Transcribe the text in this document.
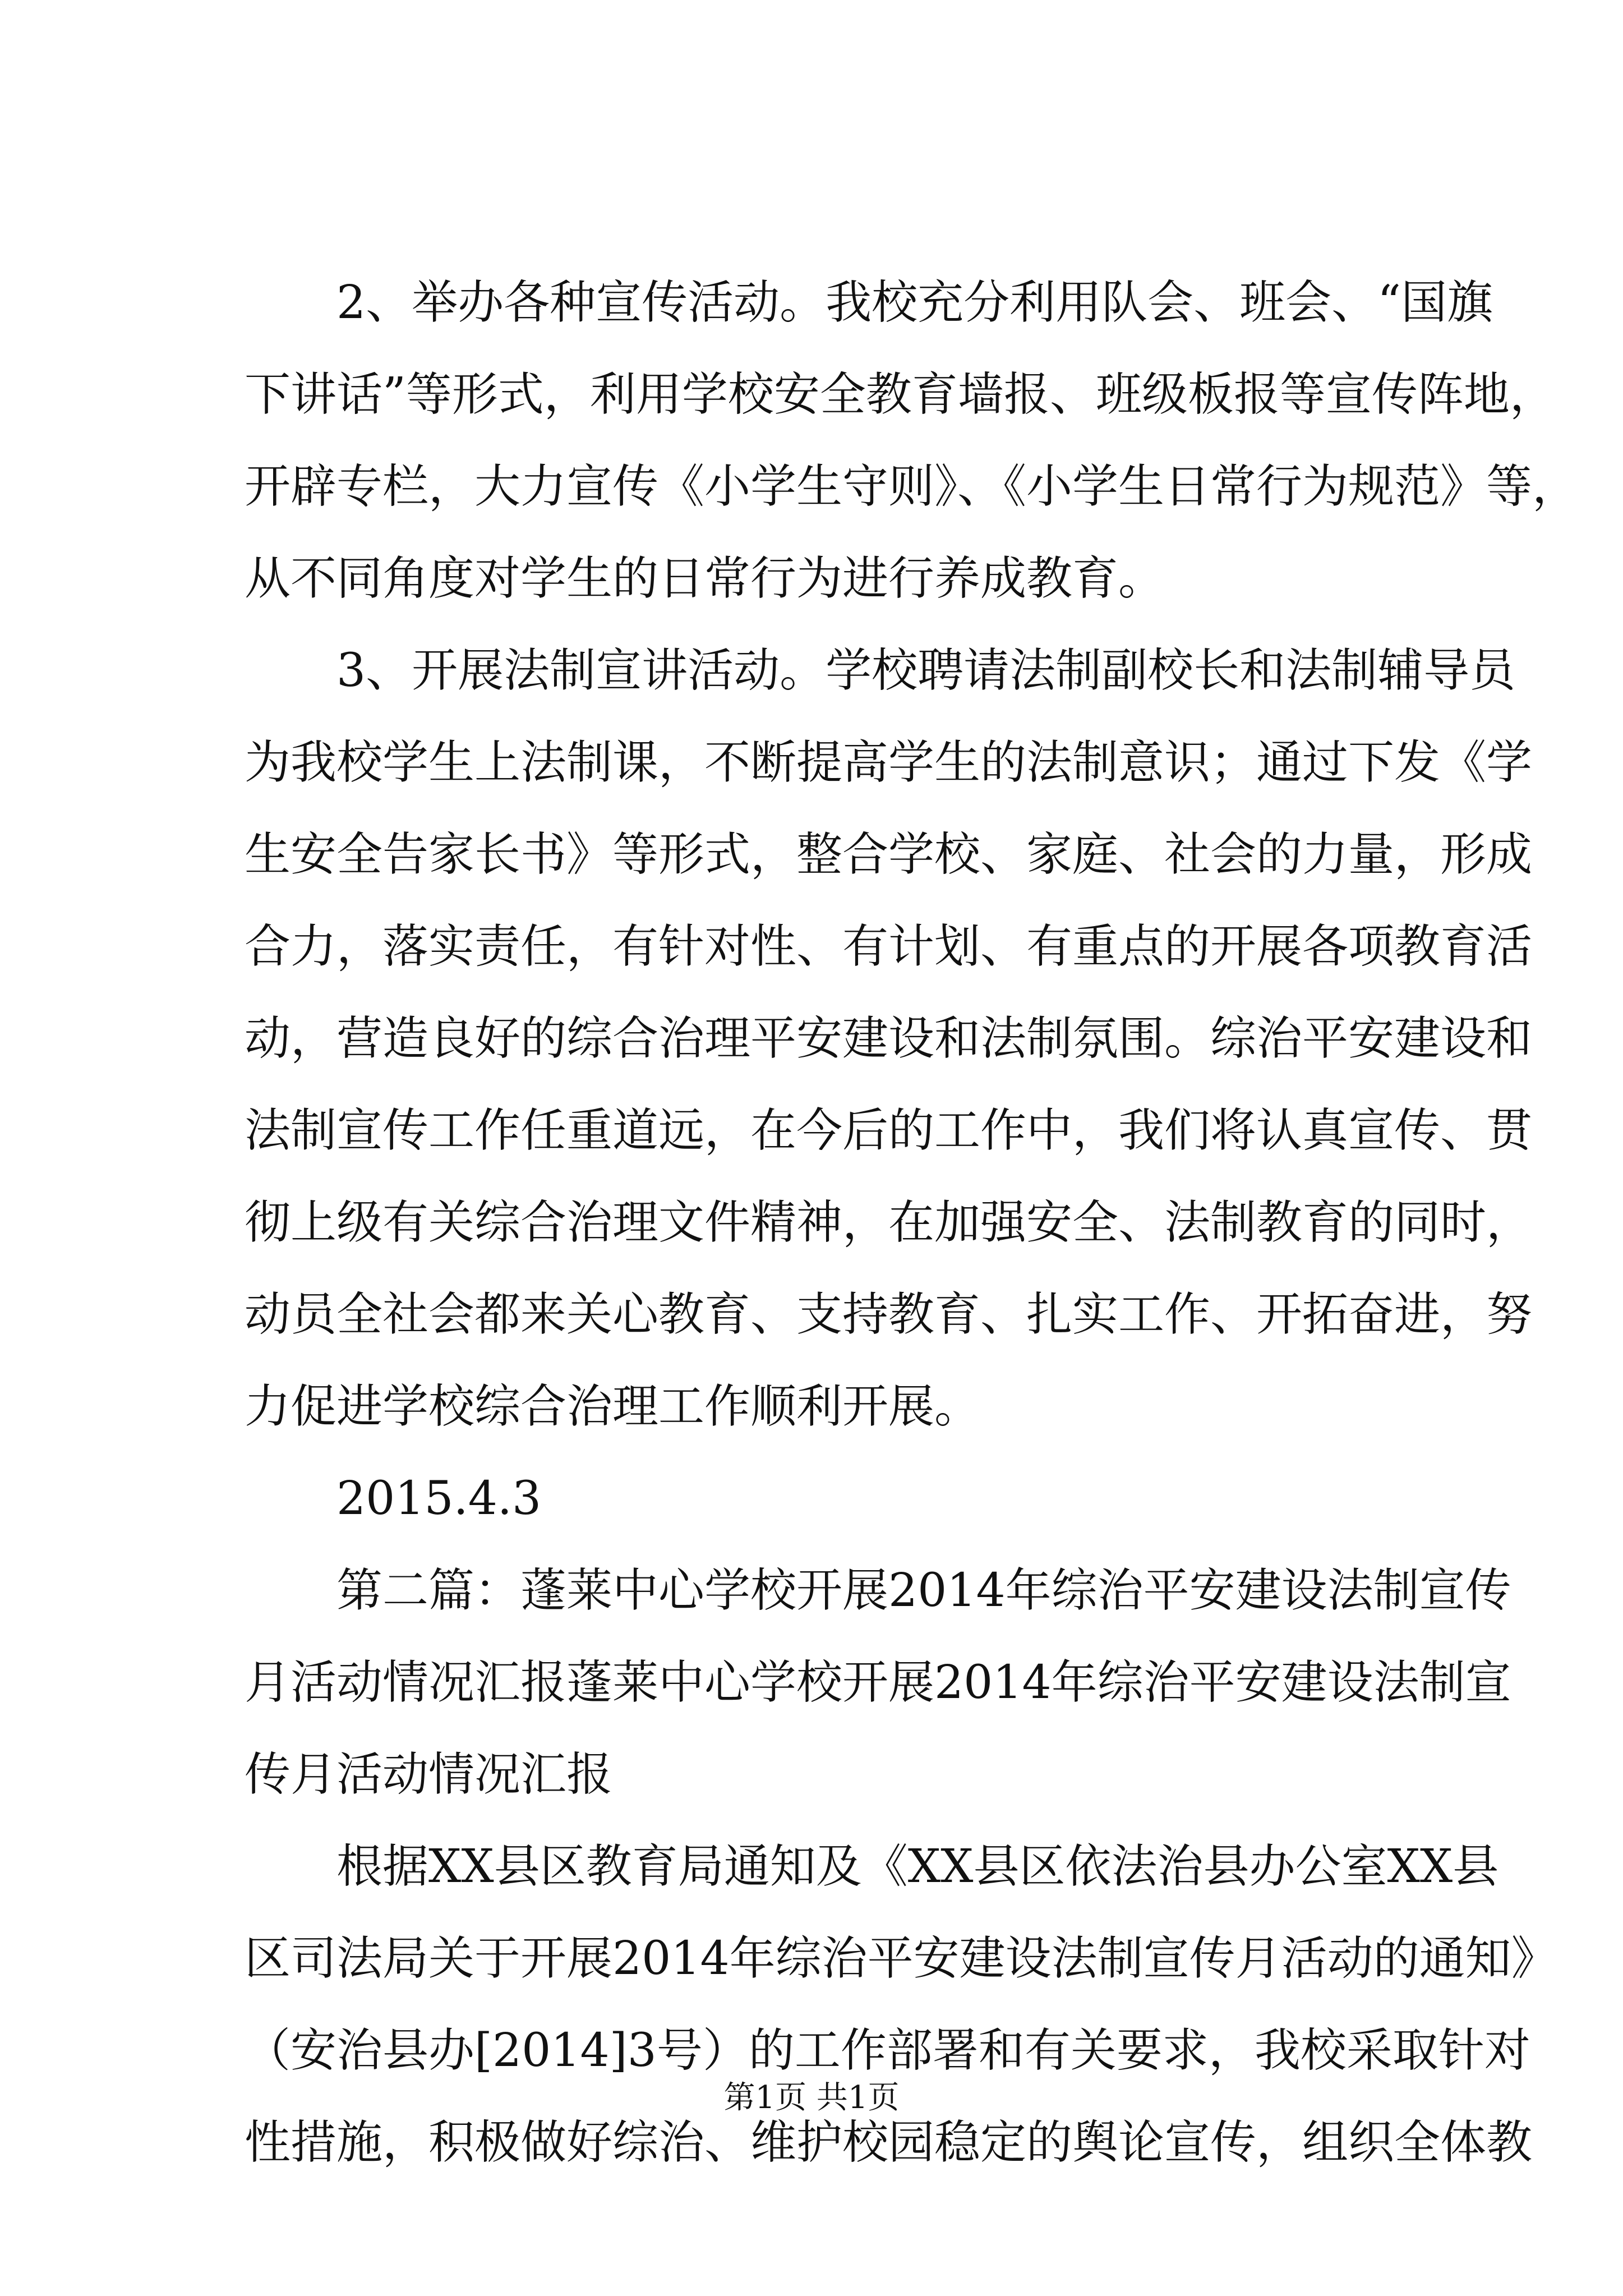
2、举办各种宣传活动。我校充分利用队会、班会、“国旗
下讲话”等形式，利用学校安全教育墙报、班级板报等宣传阵地，
开辟专栏，大力宣传《小学生守则》、《小学生日常行为规范》等，
从不同角度对学生的日常行为进行养成教育。
3、开展法制宣讲活动。学校聘请法制副校长和法制辅导员
为我校学生上法制课，不断提高学生的法制意识；通过下发《学
生安全告家长书》等形式，整合学校、家庭、社会的力量，形成
合力，落实责任，有针对性、有计划、有重点的开展各项教育活
动，营造良好的综合治理平安建设和法制氛围。综治平安建设和
法制宣传工作任重道远，在今后的工作中，我们将认真宣传、贯
彻上级有关综合治理文件精神，在加强安全、法制教育的同时，
动员全社会都来关心教育、支持教育、扎实工作、开拓奋进，努
力促进学校综合治理工作顺利开展。
2015.4.3
第二篇：蓬莱中心学校开展2014年综治平安建设法制宣传
月活动情况汇报蓬莱中心学校开展2014年综治平安建设法制宣
传月活动情况汇报
根据XX县区教育局通知及《XX县区依法治县办公室XX县
区司法局关于开展2014年综治平安建设法制宣传月活动的通知》
（安治县办[2014]3号）的工作部署和有关要求，我校采取针对
性措施，积极做好综治、维护校园稳定的舆论宣传，组织全体教
第1页 共1页
